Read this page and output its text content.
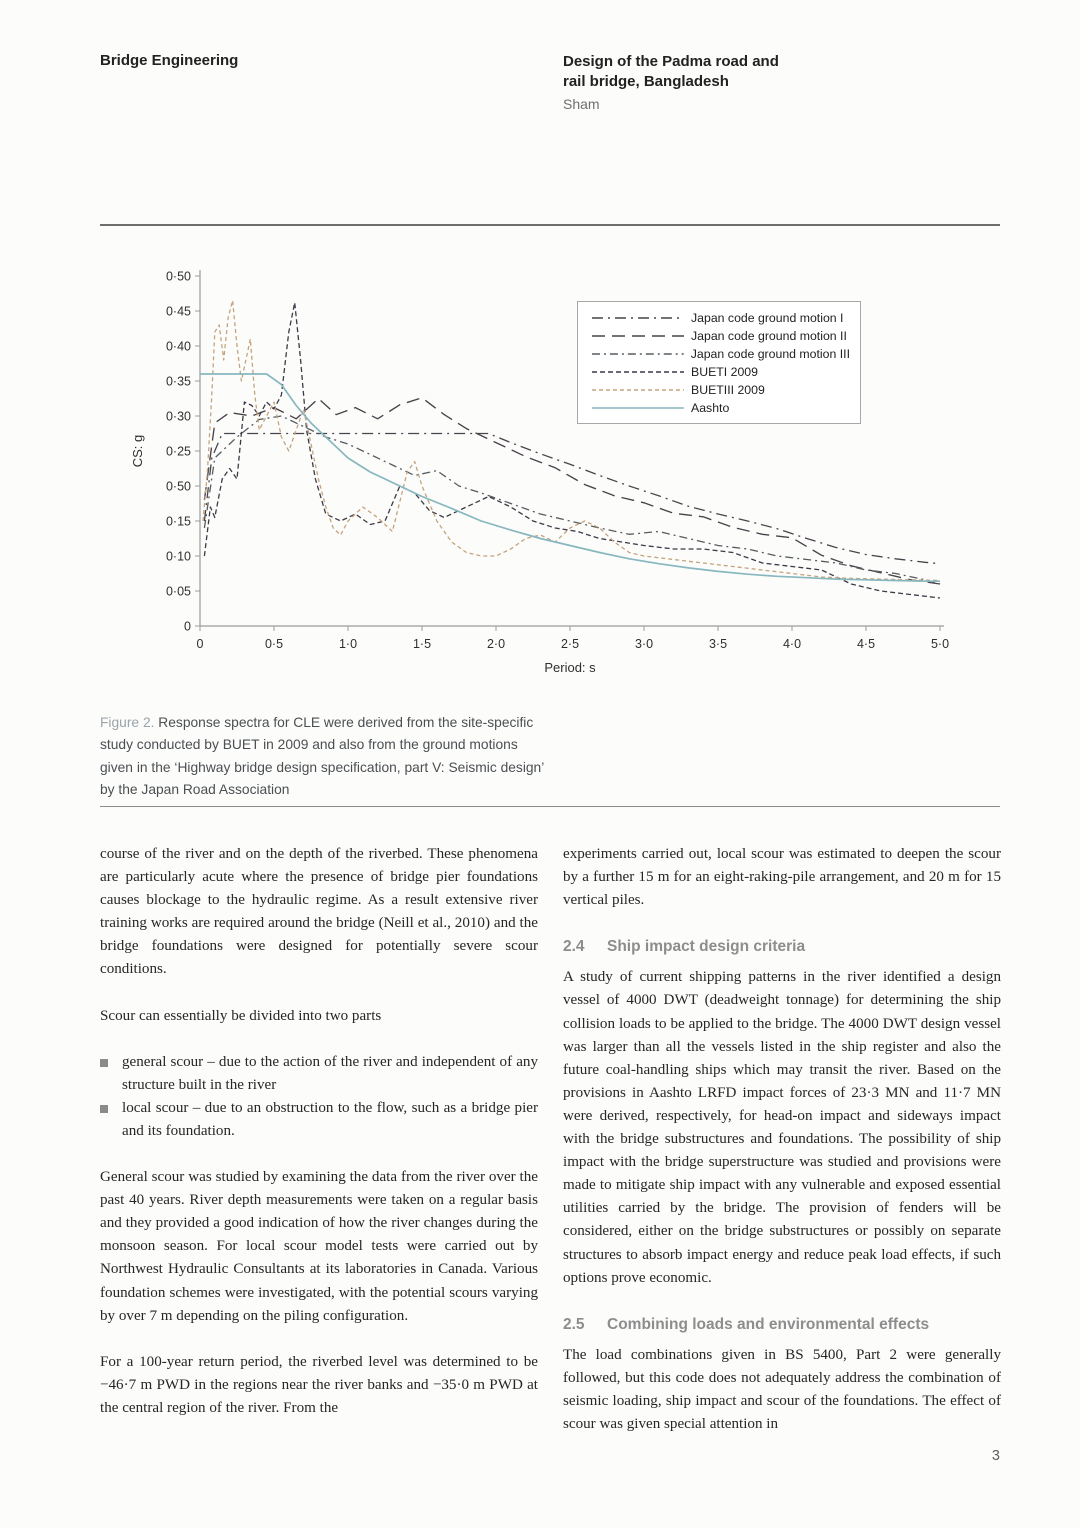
Bridge Engineering	Design of the Padma road and
rail bridge, Bangladesh
Sham
CS: g
Period: s
0
0·05
0·10
0·15
0·50
0·25
0·30
0·35
0·40
0·45
0·50
0	0·5	1·0	1·5	2·0	2·5	3·0	3·5	4·0	4·5	5·0
Japan code ground motion I
Japan code ground motion II
Japan code ground motion III
BUETI 2009
BUETIII 2009
Aashto
Figure 2. Response spectra for CLE were derived from the site-specific study conducted by BUET in 2009 and also from the ground motions given in the ‘Highway bridge design specification, part V: Seismic design’ by the Japan Road Association

course of the river and on the depth of the riverbed. These phenomena are particularly acute where the presence of bridge pier foundations causes blockage to the hydraulic regime. As a result extensive river training works are required around the bridge (Neill et al., 2010) and the bridge foundations were designed for potentially severe scour conditions.

Scour can essentially be divided into two parts

general scour – due to the action of the river and independent of any structure built in the river
local scour – due to an obstruction to the flow, such as a bridge pier and its foundation.

General scour was studied by examining the data from the river over the past 40 years. River depth measurements were taken on a regular basis and they provided a good indication of how the river changes during the monsoon season. For local scour model tests were carried out by Northwest Hydraulic Consultants at its laboratories in Canada. Various foundation schemes were investigated, with the potential scours varying by over 7 m depending on the piling configuration.

For a 100-year return period, the riverbed level was determined to be −46·7 m PWD in the regions near the river banks and −35·0 m PWD at the central region of the river. From the

experiments carried out, local scour was estimated to deepen the scour by a further 15 m for an eight-raking-pile arrangement, and 20 m for 15 vertical piles.

2.4	Ship impact design criteria

A study of current shipping patterns in the river identified a design vessel of 4000 DWT (deadweight tonnage) for determining the ship collision loads to be applied to the bridge. The 4000 DWT design vessel was larger than all the vessels listed in the ship register and also the future coal-handling ships which may transit the river. Based on the provisions in Aashto LRFD impact forces of 23·3 MN and 11·7 MN were derived, respectively, for head-on impact and sideways impact with the bridge substructures and foundations. The possibility of ship impact with the bridge superstructure was studied and provisions were made to mitigate ship impact with any vulnerable and exposed essential utilities carried by the bridge. The provision of fenders will be considered, either on the bridge substructures or possibly on separate structures to absorb impact energy and reduce peak load effects, if such options prove economic.

2.5	Combining loads and environmental effects

The load combinations given in BS 5400, Part 2 were generally followed, but this code does not adequately address the combination of seismic loading, ship impact and scour of the foundations. The effect of scour was given special attention in

3
